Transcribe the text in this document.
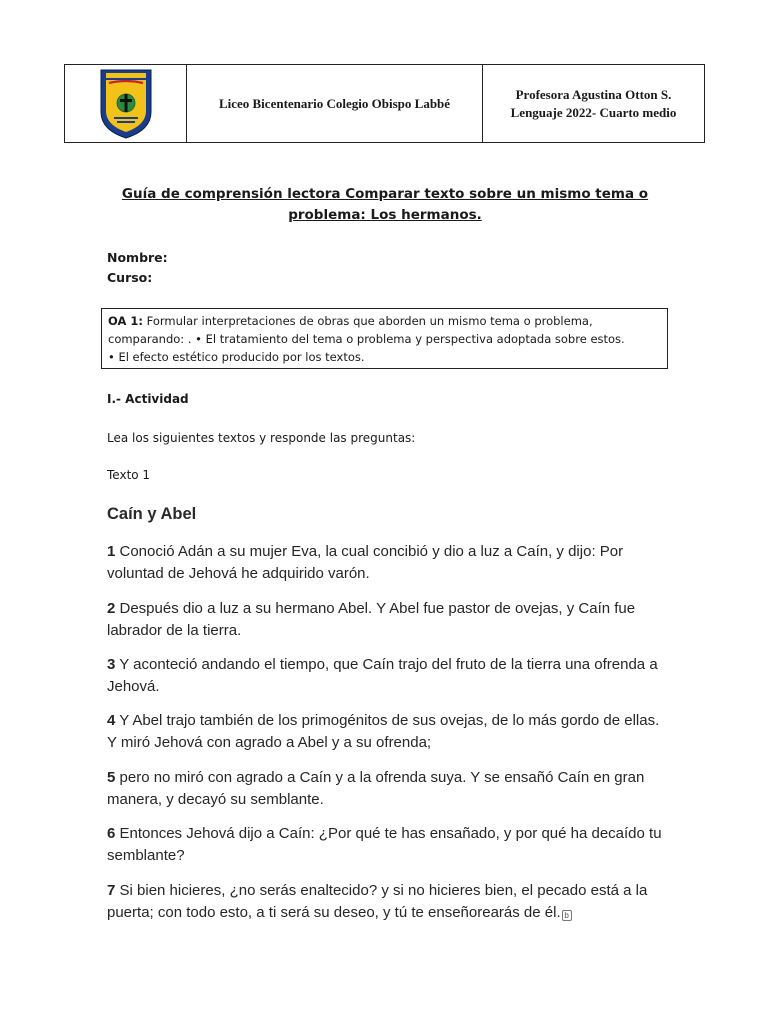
Liceo Bicentenario Colegio Obispo Labbé
Profesora Agustina Otton S.
Lenguaje 2022- Cuarto medio
Guía de comprensión lectora Comparar texto sobre un mismo tema o
problema: Los hermanos.
Nombre:
Curso:
OA 1: Formular interpretaciones de obras que aborden un mismo tema o problema,
comparando: . • El tratamiento del tema o problema y perspectiva adoptada sobre estos.
• El efecto estético producido por los textos.
I.- Actividad
Lea los siguientes textos y responde las preguntas:
Texto 1
Caín y Abel
1 Conoció Adán a su mujer Eva, la cual concibió y dio a luz a Caín, y dijo: Por
voluntad de Jehová he adquirido varón.
2 Después dio a luz a su hermano Abel. Y Abel fue pastor de ovejas, y Caín fue
labrador de la tierra.
3 Y aconteció andando el tiempo, que Caín trajo del fruto de la tierra una ofrenda a
Jehová.
4 Y Abel trajo también de los primogénitos de sus ovejas, de lo más gordo de ellas.
Y miró Jehová con agrado a Abel y a su ofrenda;
5 pero no miró con agrado a Caín y a la ofrenda suya. Y se ensañó Caín en gran
manera, y decayó su semblante.
6 Entonces Jehová dijo a Caín: ¿Por qué te has ensañado, y por qué ha decaído tu
semblante?
7 Si bien hicieres, ¿no serás enaltecido? y si no hicieres bien, el pecado está a la
puerta; con todo esto, a ti será su deseo, y tú te enseñorearás de él. b
